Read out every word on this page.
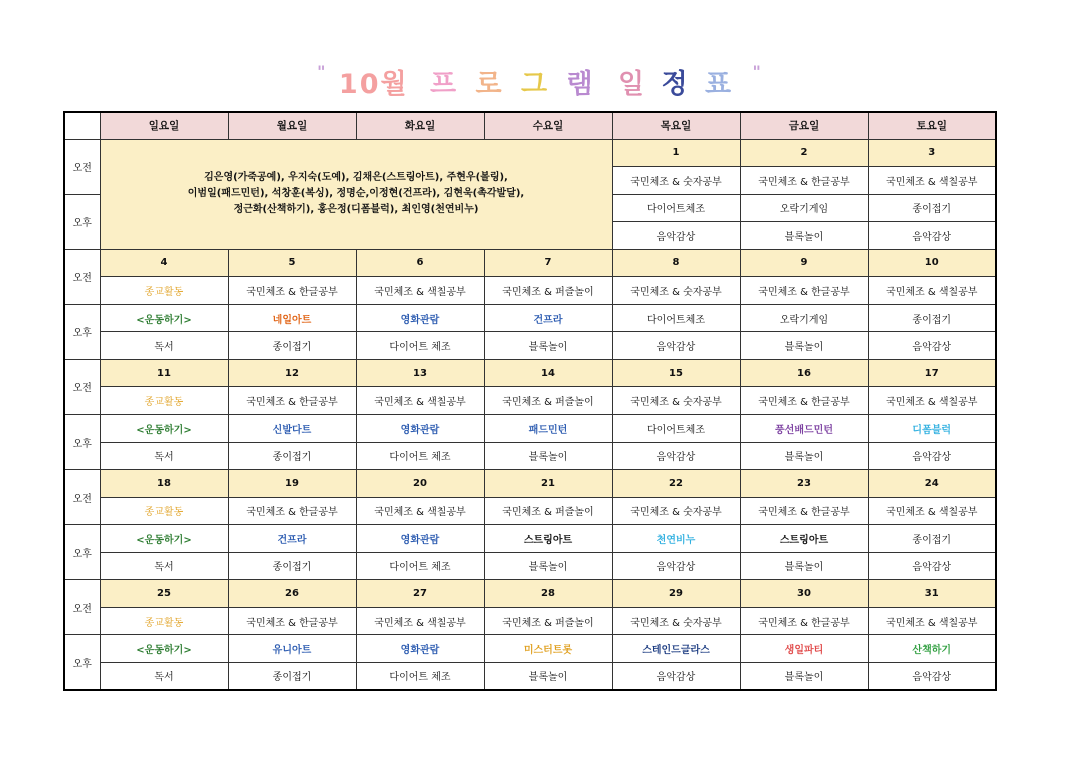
" 10월 프 로 그 램 일 정 표 "
	일요일	월요일	화요일	수요일	목요일	금요일	토요일
오전	김은영(가죽공예), 우지숙(도예), 김채은(스트링아트), 주현우(볼링),
이범일(패드민턴), 석창훈(복싱), 정명순,이정현(건프라), 김현욱(촉각발달),
정근화(산책하기), 홍은정(디폼블럭), 최인영(천연비누)				1	2	3
					국민체조 & 숫자공부	국민체조 & 한글공부	국민체조 & 색칠공부
오후					다이어트체조	오락기게임	종이접기
					음악감상	블록놀이	음악감상
오전	4	5	6	7	8	9	10
	종교활동	국민체조 & 한글공부	국민체조 & 색칠공부	국민체조 & 퍼즐놀이	국민체조 & 숫자공부	국민체조 & 한글공부	국민체조 & 색칠공부
오후	<운동하기>	네일아트	영화관람	건프라	다이어트체조	오락기게임	종이접기
	독서	종이접기	다이어트 체조	블록놀이	음악감상	블록놀이	음악감상
오전	11	12	13	14	15	16	17
	종교활동	국민체조 & 한글공부	국민체조 & 색칠공부	국민체조 & 퍼즐놀이	국민체조 & 숫자공부	국민체조 & 한글공부	국민체조 & 색칠공부
오후	<운동하기>	신발다트	영화관람	패드민턴	다이어트체조	풍선배드민턴	디폼블럭
	독서	종이접기	다이어트 체조	블록놀이	음악감상	블록놀이	음악감상
오전	18	19	20	21	22	23	24
	종교활동	국민체조 & 한글공부	국민체조 & 색칠공부	국민체조 & 퍼즐놀이	국민체조 & 숫자공부	국민체조 & 한글공부	국민체조 & 색칠공부
오후	<운동하기>	건프라	영화관람	스트링아트	천연비누	스트링아트	종이접기
	독서	종이접기	다이어트 체조	블록놀이	음악감상	블록놀이	음악감상
오전	25	26	27	28	29	30	31
	종교활동	국민체조 & 한글공부	국민체조 & 색칠공부	국민체조 & 퍼즐놀이	국민체조 & 숫자공부	국민체조 & 한글공부	국민체조 & 색칠공부
오후	<운동하기>	유니아트	영화관람	미스터트롯	스테인드글라스	생일파티	산책하기
	독서	종이접기	다이어트 체조	블록놀이	음악감상	블록놀이	음악감상
